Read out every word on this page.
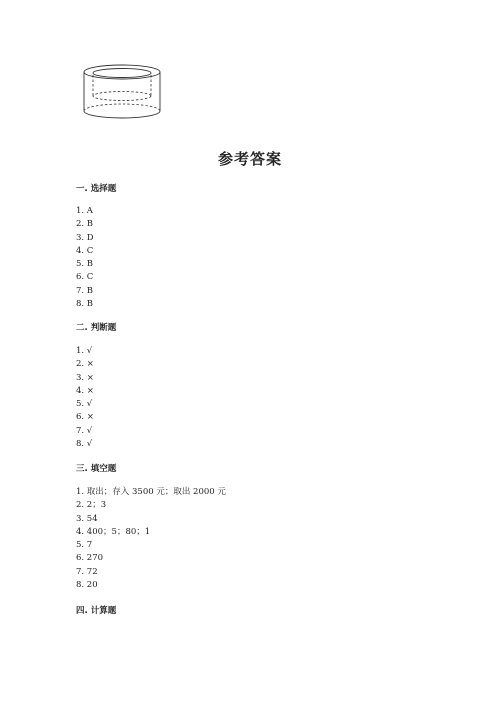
参考答案
一. 选择题
1. A
2. B
3. D
4. C
5. B
6. C
7. B
8. B
二. 判断题
1. √
2. ×
3. ×
4. ×
5. √
6. ×
7. √
8. √
三. 填空题
1. 取出；存入 3500 元；取出 2000 元
2. 2；3
3. 54
4. 400；5；80；1
5. 7
6. 270
7. 72
8. 20
四. 计算题
